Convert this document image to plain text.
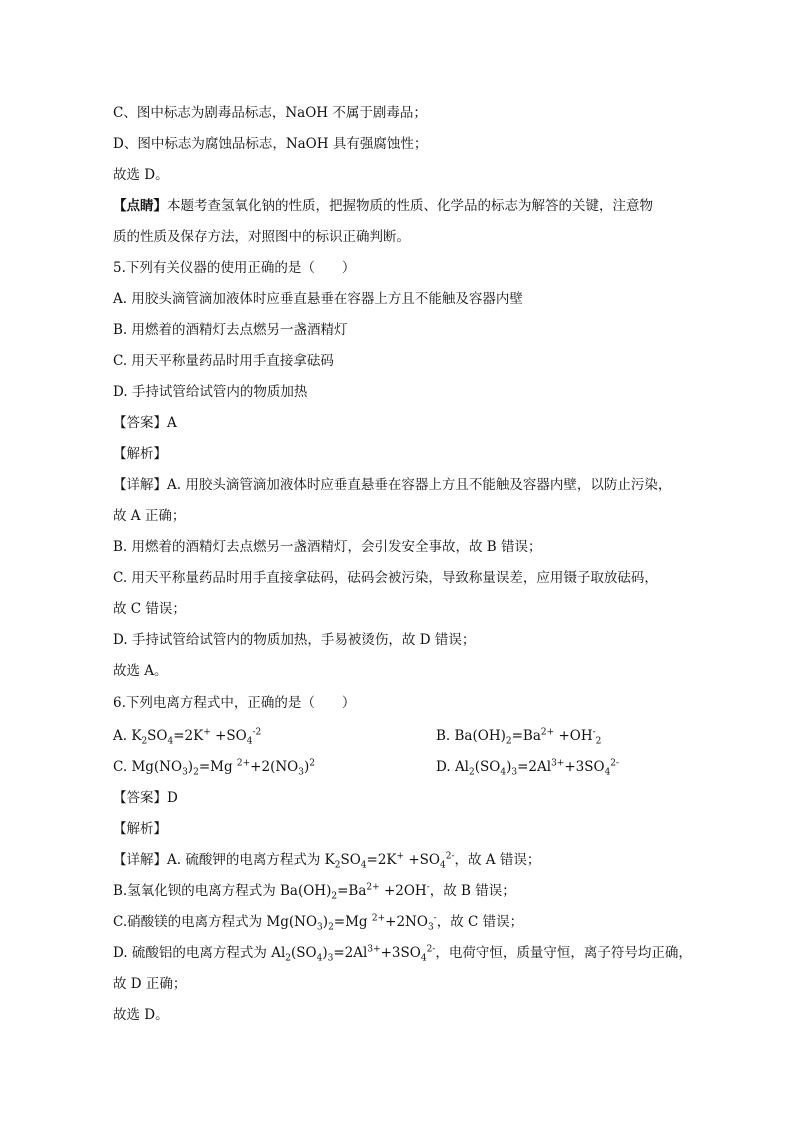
C、图中标志为剧毒品标志，NaOH 不属于剧毒品；
D、图中标志为腐蚀品标志，NaOH 具有强腐蚀性；
故选 D。
【点睛】本题考查氢氧化钠的性质，把握物质的性质、化学品的标志为解答的关键，注意物
质的性质及保存方法，对照图中的标识正确判断。
5.下列有关仪器的使用正确的是（　　）
A. 用胶头滴管滴加液体时应垂直悬垂在容器上方且不能触及容器内壁
B. 用燃着的酒精灯去点燃另一盏酒精灯
C. 用天平称量药品时用手直接拿砝码
D. 手持试管给试管内的物质加热
【答案】A
【解析】
【详解】A. 用胶头滴管滴加液体时应垂直悬垂在容器上方且不能触及容器内壁，以防止污染，
故 A 正确；
B. 用燃着的酒精灯去点燃另一盏酒精灯，会引发安全事故，故 B 错误；
C. 用天平称量药品时用手直接拿砝码，砝码会被污染，导致称量误差，应用镊子取放砝码，
故 C 错误；
D. 手持试管给试管内的物质加热，手易被烫伤，故 D 错误；
故选 A。
6.下列电离方程式中，正确的是（　　）
A. $K_2SO_4=2K^+ +SO_4^{-2}$	B. $Ba(OH)_2=Ba^{2+} +OH^-_2$
C. $Mg(NO_3)_2=Mg$ $^{2+}+2(NO_3)^2$	D. $Al_2(SO_4)_3=2Al^{3+}+3SO_4^{2-}$
【答案】D
【解析】
【详解】A. 硫酸钾的电离方程式为 $K_2SO_4=2K^+ +SO_4^{2-}$，故 A 错误；
B.氢氧化钡的电离方程式为 $Ba(OH)_2=Ba^{2+} +2OH^-$，故 B 错误；
C.硝酸镁的电离方程式为 $Mg(NO_3)_2=Mg$ $^{2+}+2NO_3^-$，故 C 错误；
D. 硫酸铝的电离方程式为 $Al_2(SO_4)_3=2Al^{3+}+3SO_4^{2-}$，电荷守恒，质量守恒，离子符号均正确，
故 D 正确；
故选 D。
